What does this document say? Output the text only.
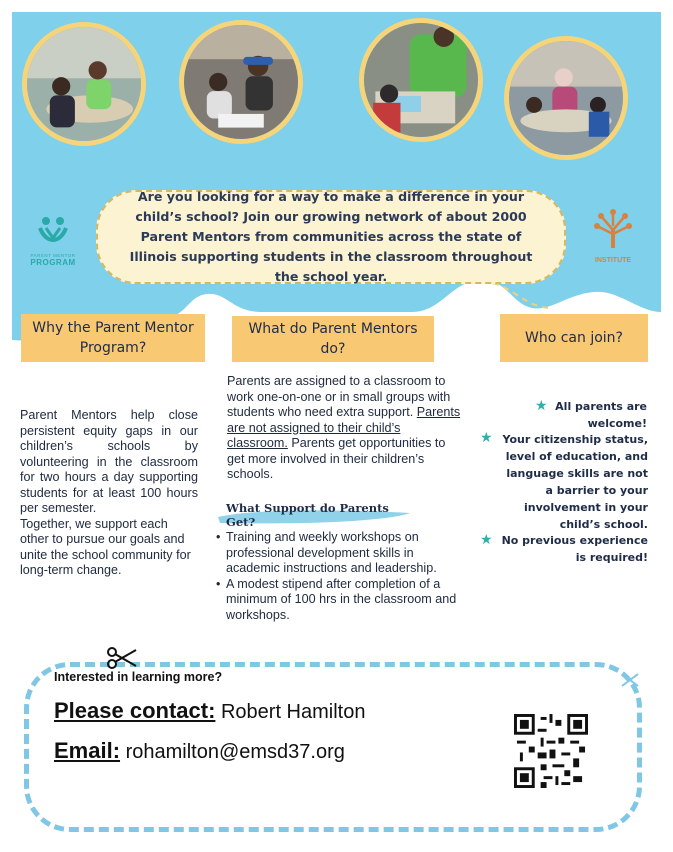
PARENT MENTOR
PROGRAM	INSTITUTE
Are you looking for a way to make a difference in your child’s school? Join our growing network of about 2000 Parent Mentors from communities across the state of Illinois supporting students in the classroom throughout the school year.
Why the Parent Mentor Program?
What do Parent Mentors do?
Who can join?
Parent Mentors help close persistent equity gaps in our children’s schools by volunteering in the classroom for two hours a day supporting students for at least 100 hours per semester.
Together, we support each other to pursue our goals and unite the school community for long-term change.
Parents are assigned to a classroom to work one-on-one or in small groups with students who need extra support. Parents are not assigned to their child’s classroom. Parents get opportunities to get more involved in their children’s schools.
What Support do Parents Get?
• Training and weekly workshops on professional development skills in academic instructions and leadership.
• A modest stipend after completion of a minimum of 100 hrs in the classroom and workshops.
★ All parents are welcome!
★ Your citizenship status, level of education, and language skills are not a barrier to your involvement in your child’s school.
★ No previous experience is required!
Interested in learning more?
Please contact: Robert Hamilton
Email: rohamilton@emsd37.org
